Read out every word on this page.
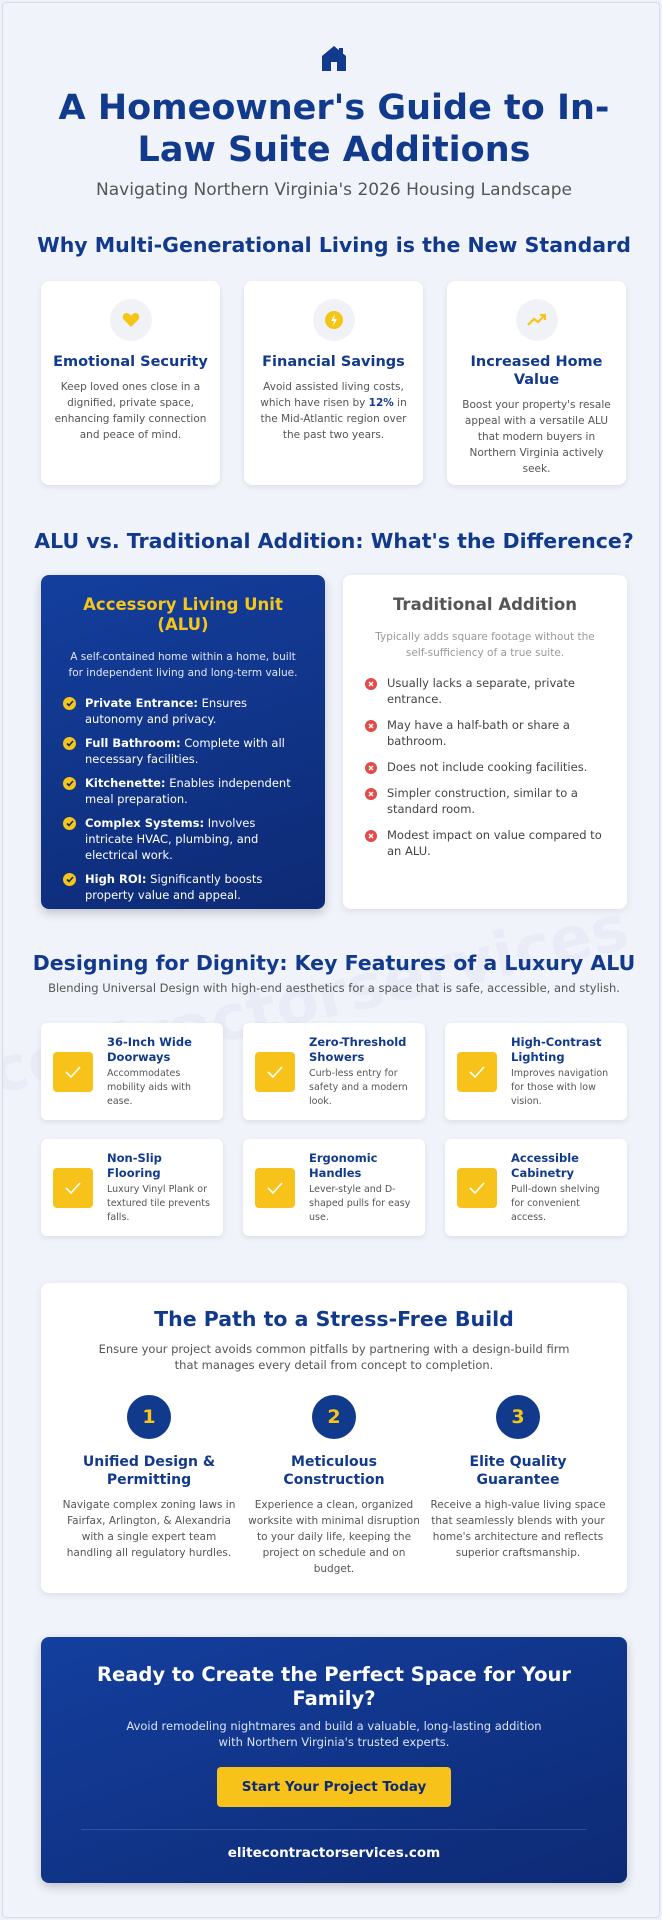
A Homeowner's Guide to In-Law Suite Additions
Navigating Northern Virginia's 2026 Housing Landscape
Why Multi-Generational Living is the New Standard
Emotional Security

Keep loved ones close in a dignified, private space, enhancing family connection and peace of mind.

Financial Savings

Avoid assisted living costs, which have risen by 12% in the Mid-Atlantic region over the past two years.

Increased Home Value

Boost your property's resale appeal with a versatile ALU that modern buyers in Northern Virginia actively seek.

ALU vs. Traditional Addition: What's the Difference?
Accessory Living Unit (ALU)
A self-contained home within a home, built for independent living and long-term value.
Private Entrance: Ensures autonomy and privacy.
Full Bathroom: Complete with all necessary facilities.
Kitchenette: Enables independent meal preparation.
Complex Systems: Involves intricate HVAC, plumbing, and electrical work.
High ROI: Significantly boosts property value and appeal.
Traditional Addition
Typically adds square footage without the self-sufficiency of a true suite.
Usually lacks a separate, private entrance.
May have a half-bath or share a bathroom.
Does not include cooking facilities.
Simpler construction, similar to a standard room.
Modest impact on value compared to an ALU.
Designing for Dignity: Key Features of a Luxury ALU
Blending Universal Design with high-end aesthetics for a space that is safe, accessible, and stylish.
36-Inch Wide Doorways

Accommodates mobility aids with ease.

Zero-Threshold Showers

Curb-less entry for safety and a modern look.

High-Contrast Lighting

Improves navigation for those with low vision.

Non-Slip Flooring

Luxury Vinyl Plank or textured tile prevents falls.

Ergonomic Handles

Lever-style and D-shaped pulls for easy use.

Accessible Cabinetry

Pull-down shelving for convenient access.

The Path to a Stress-Free Build
Ensure your project avoids common pitfalls by partnering with a design-build firm that manages every detail from concept to completion.
1
Unified Design & Permitting

Navigate complex zoning laws in Fairfax, Arlington, & Alexandria with a single expert team handling all regulatory hurdles.

2
Meticulous Construction

Experience a clean, organized worksite with minimal disruption to your daily life, keeping the project on schedule and on budget.

3
Elite Quality Guarantee

Receive a high-value living space that seamlessly blends with your home's architecture and reflects superior craftsmanship.

Ready to Create the Perfect Space for Your Family?
Avoid remodeling nightmares and build a valuable, long-lasting addition with Northern Virginia's trusted experts.
Start Your Project Today
elitecontractorservices.com
